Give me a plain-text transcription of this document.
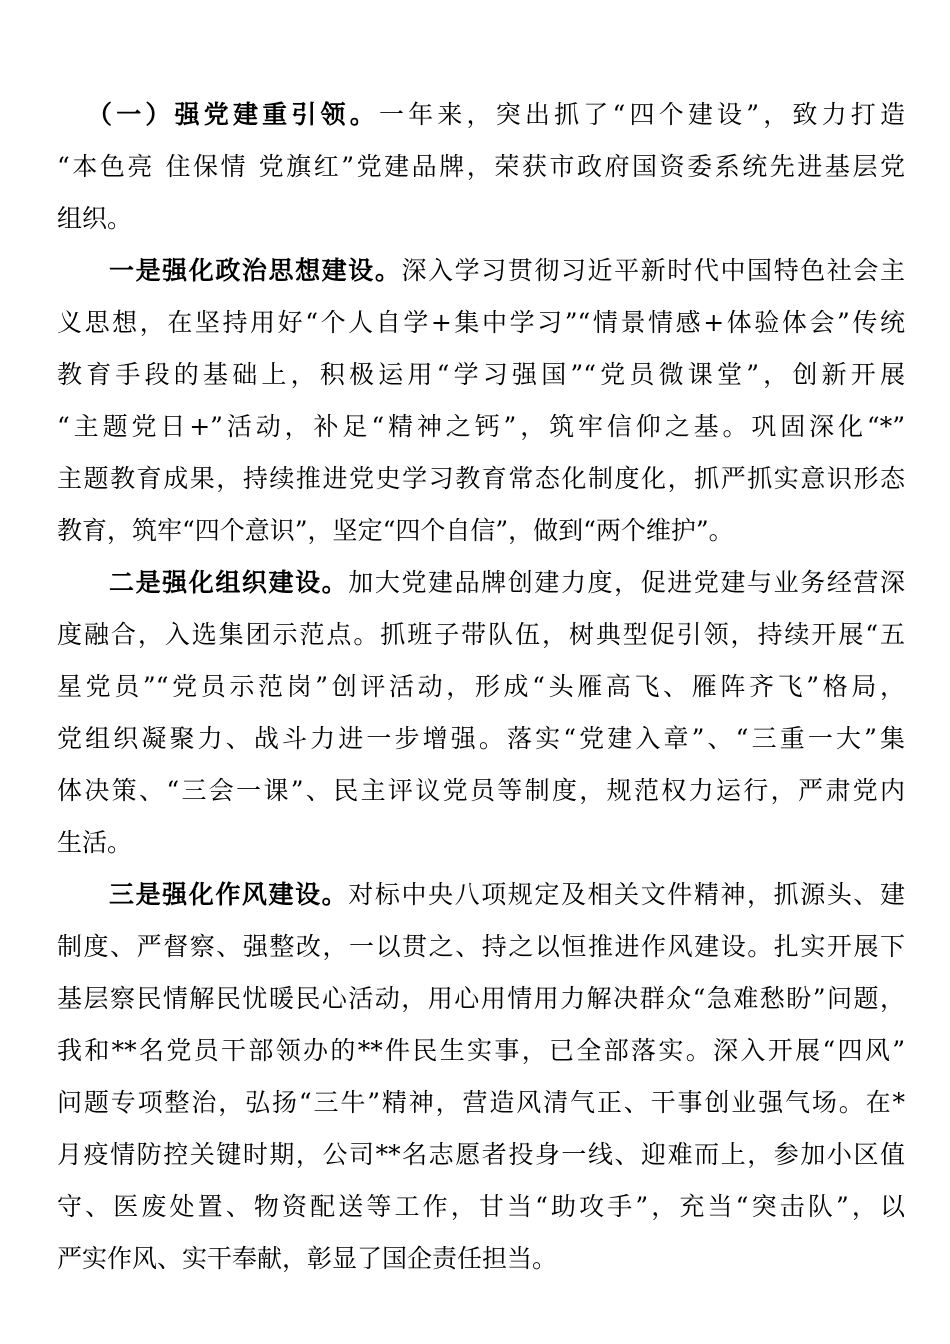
（一）强党建重引领。一年来，突出抓了“四个建设”，致力打造
“本色亮 住保情 党旗红”党建品牌，荣获市政府国资委系统先进基层党
组织。
一是强化政治思想建设。深入学习贯彻习近平新时代中国特色社会主
义思想，在坚持用好“个人自学+集中学习”“情景情感+体验体会”传统
教育手段的基础上，积极运用“学习强国”“党员微课堂”，创新开展
“主题党日+”活动，补足“精神之钙”，筑牢信仰之基。巩固深化“*”
主题教育成果，持续推进党史学习教育常态化制度化，抓严抓实意识形态
教育，筑牢“四个意识”，坚定“四个自信”，做到“两个维护”。
二是强化组织建设。加大党建品牌创建力度，促进党建与业务经营深
度融合，入选集团示范点。抓班子带队伍，树典型促引领，持续开展“五
星党员”“党员示范岗”创评活动，形成“头雁高飞、雁阵齐飞”格局，
党组织凝聚力、战斗力进一步增强。落实“党建入章”、“三重一大”集
体决策、“三会一课”、民主评议党员等制度，规范权力运行，严肃党内
生活。
三是强化作风建设。对标中央八项规定及相关文件精神，抓源头、建
制度、严督察、强整改，一以贯之、持之以恒推进作风建设。扎实开展下
基层察民情解民忧暖民心活动，用心用情用力解决群众“急难愁盼”问题，
我和**名党员干部领办的**件民生实事，已全部落实。深入开展“四风”
问题专项整治，弘扬“三牛”精神，营造风清气正、干事创业强气场。在*
月疫情防控关键时期，公司**名志愿者投身一线、迎难而上，参加小区值
守、医废处置、物资配送等工作，甘当“助攻手”，充当“突击队”，以
严实作风、实干奉献，彰显了国企责任担当。
